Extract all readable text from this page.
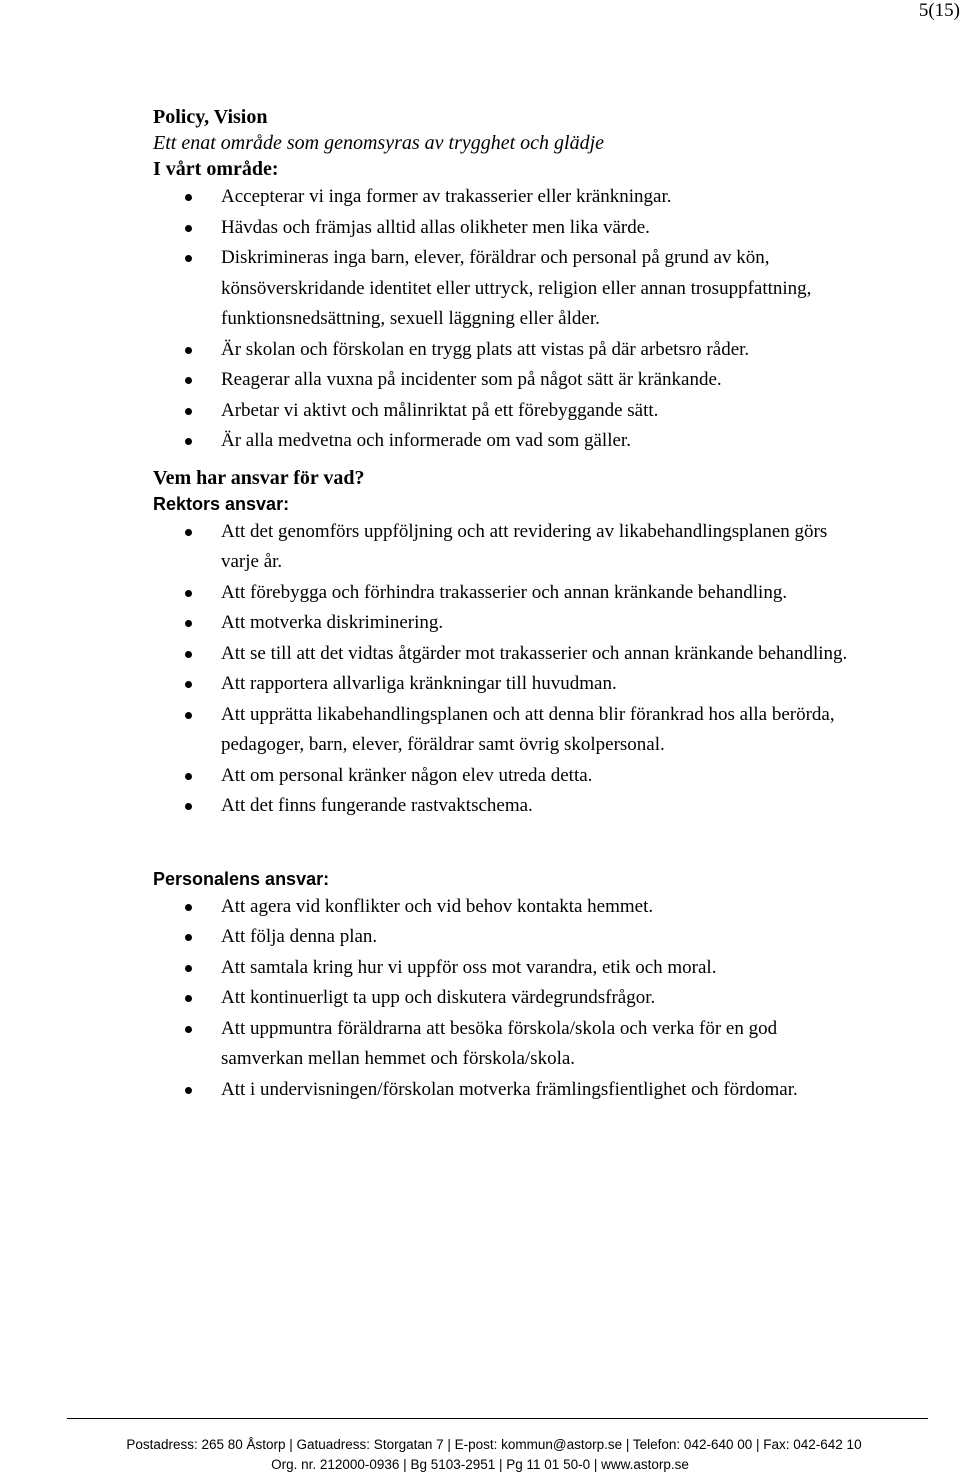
5(15)
Policy, Vision
Ett enat område som genomsyras av trygghet och glädje
I vårt område:
Accepterar vi inga former av trakasserier eller kränkningar.
Hävdas och främjas alltid allas olikheter men lika värde.
Diskrimineras inga barn, elever, föräldrar och personal på grund av kön, könsöverskridande identitet eller uttryck, religion eller annan trosuppfattning, funktionsnedsättning, sexuell läggning eller ålder.
Är skolan och förskolan en trygg plats att vistas på där arbetsro råder.
Reagerar alla vuxna på incidenter som på något sätt är kränkande.
Arbetar vi aktivt och målinriktat på ett förebyggande sätt.
Är alla medvetna och informerade om vad som gäller.
Vem har ansvar för vad?
Rektors ansvar:
Att det genomförs uppföljning och att revidering av likabehandlingsplanen görs varje år.
Att förebygga och förhindra trakasserier och annan kränkande behandling.
Att motverka diskriminering.
Att se till att det vidtas åtgärder mot trakasserier och annan kränkande behandling.
Att rapportera allvarliga kränkningar till huvudman.
Att upprätta likabehandlingsplanen och att denna blir förankrad hos alla berörda, pedagoger, barn, elever, föräldrar samt övrig skolpersonal.
Att om personal kränker någon elev utreda detta.
Att det finns fungerande rastvaktschema.
Personalens ansvar:
Att agera vid konflikter och vid behov kontakta hemmet.
Att följa denna plan.
Att samtala kring hur vi uppför oss mot varandra, etik och moral.
Att kontinuerligt ta upp och diskutera värdegrundsfrågor.
Att uppmuntra föräldrarna att besöka förskola/skola och verka för en god samverkan mellan hemmet och förskola/skola.
Att i undervisningen/förskolan motverka främlingsfientlighet och fördomar.
Postadress: 265 80 Åstorp | Gatuadress: Storgatan 7 | E-post: kommun@astorp.se | Telefon: 042-640 00 | Fax: 042-642 10
Org. nr. 212000-0936 | Bg 5103-2951 | Pg 11 01 50-0 | www.astorp.se
